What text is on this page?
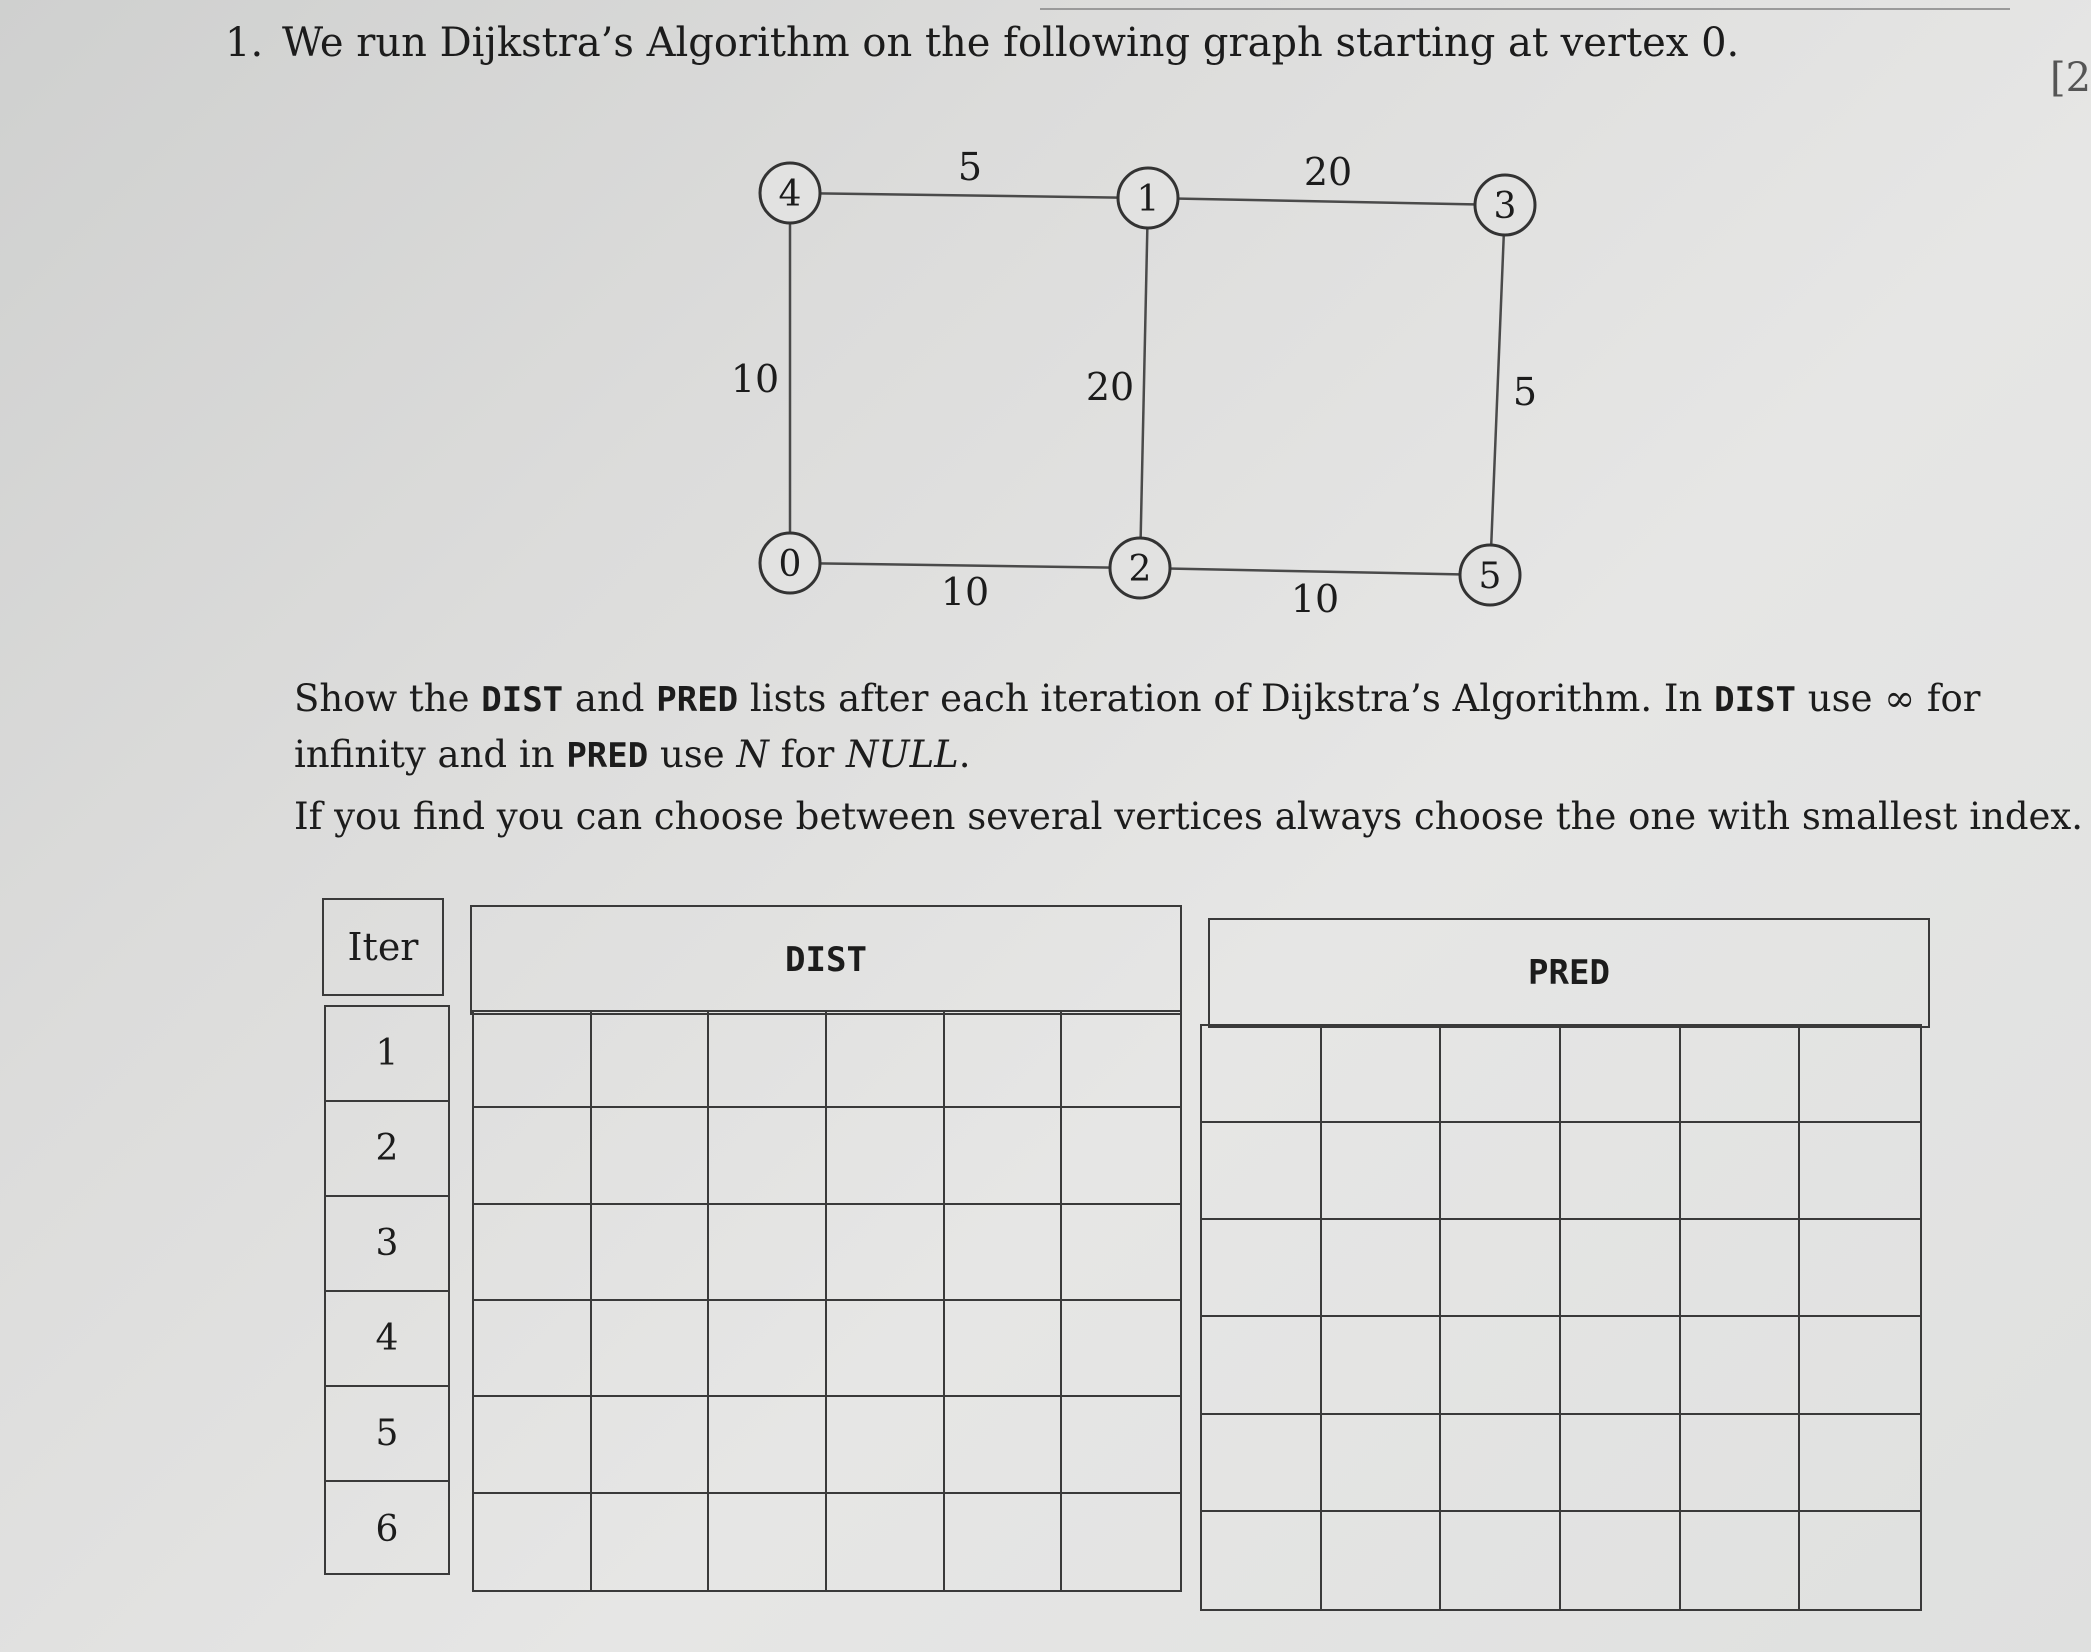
1. We run Dijkstra’s Algorithm on the following graph starting at vertex 0.
[2
5	20
10	20	5
10	10
4	1	3
0	2	5
Show the DIST and PRED lists after each iteration of Dijkstra’s Algorithm. In DIST use ∞ for
infinity and in PRED use N for NULL.
If you find you can choose between several vertices always choose the one with smallest index.
Iter	DIST	PRED
1
2
3
4
5
6
